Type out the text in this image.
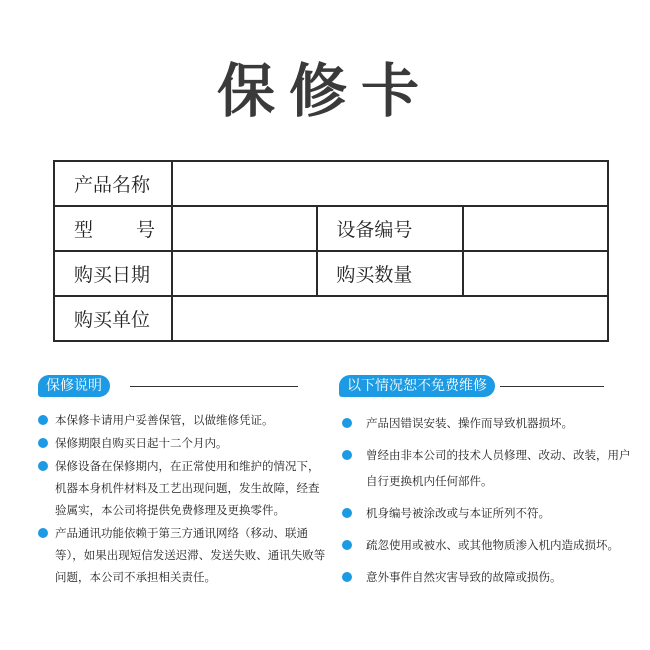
保修卡
产品名称			

型 号		设备编号	
购买日期		购买数量	
购买单位			
保修说明	以下情况恕不免费维修
本保修卡请用户妥善保管，以做维修凭证。
保修期限自购买日起十二个月内。
保修设备在保修期内，在正常使用和维护的情况下，机器本身机件材料及工艺出现问题，发生故障，经查验属实，本公司将提供免费修理及更换零件。
产品通讯功能依赖于第三方通讯网络（移动、联通等），如果出现短信发送迟滞、发送失败、通讯失败等问题，本公司不承担相关责任。
产品因错误安装、操作而导致机器损坏。
曾经由非本公司的技术人员修理、改动、改装，用户自行更换机内任何部件。
机身编号被涂改或与本证所列不符。
疏忽使用或被水、或其他物质渗入机内造成损坏。
意外事件自然灾害导致的故障或损伤。
